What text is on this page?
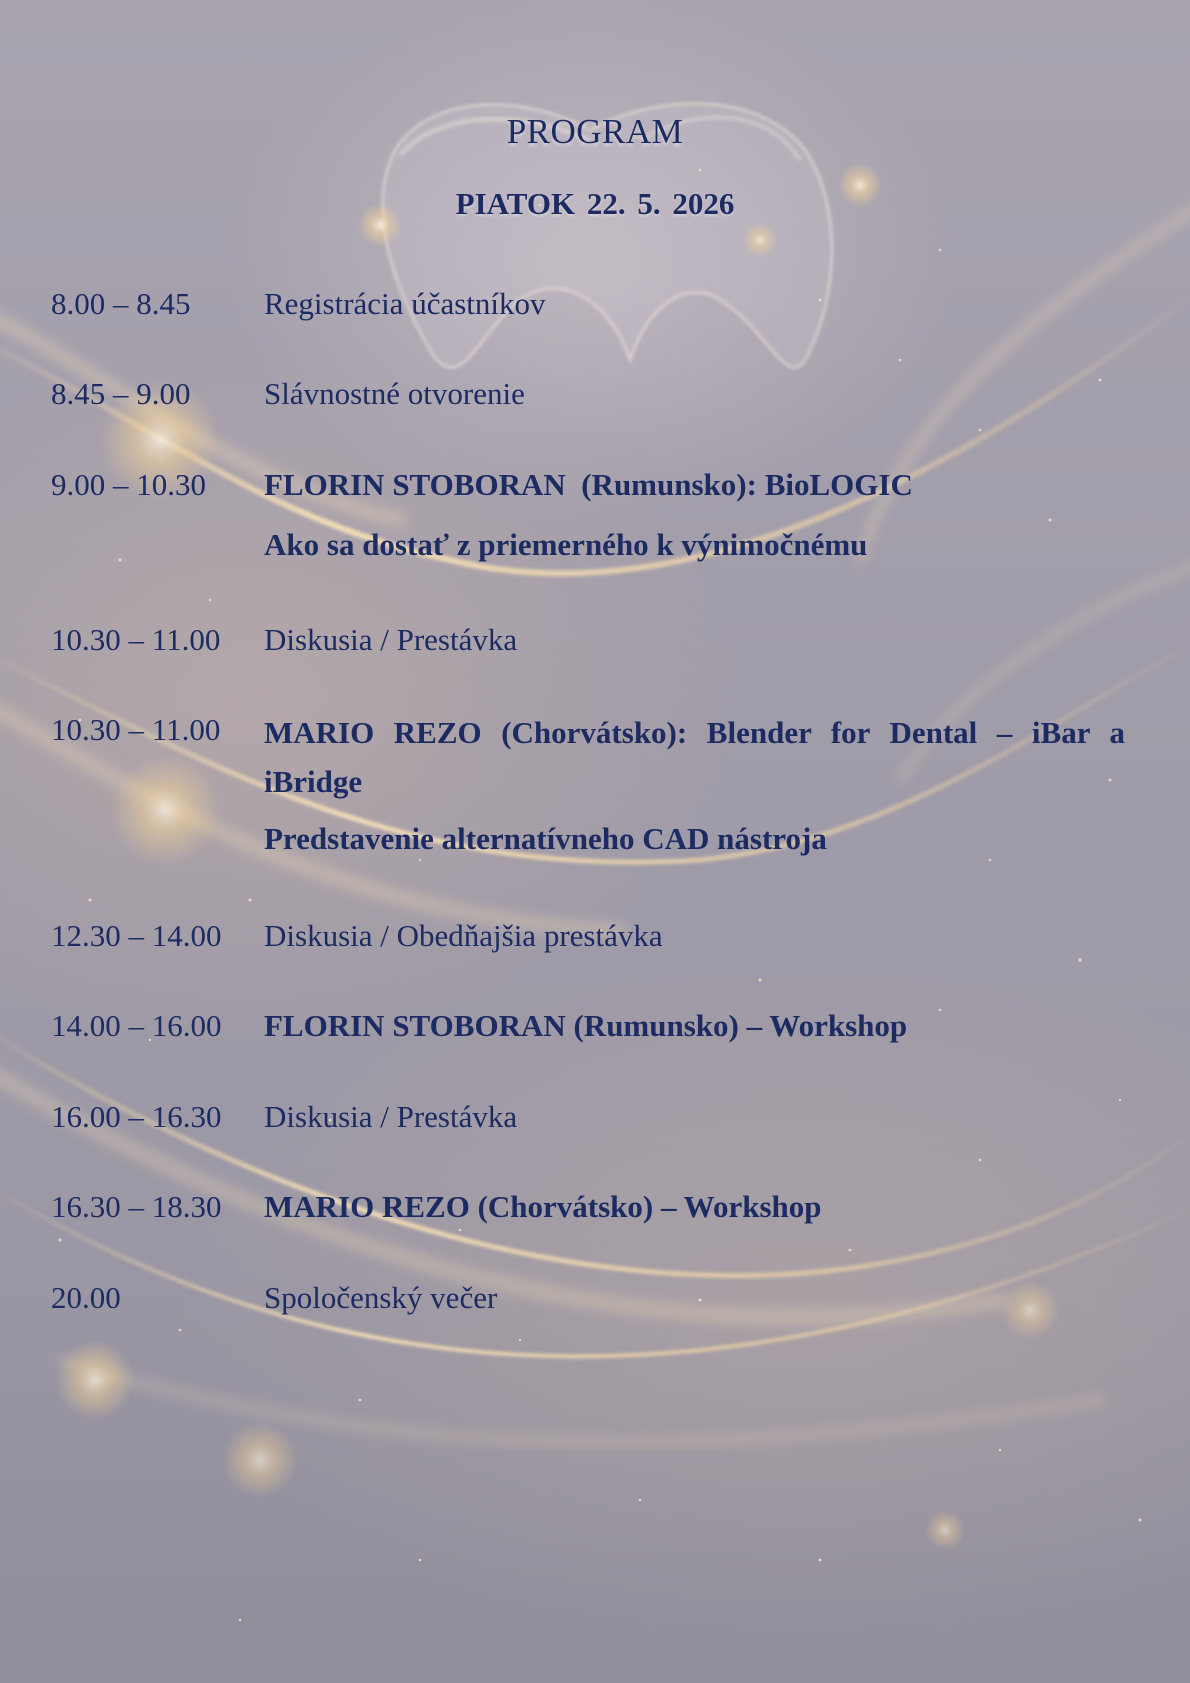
PROGRAM
PIATOK 22. 5. 2026
8.00 – 8.45	Registrácia účastníkov
8.45 – 9.00	Slávnostné otvorenie
9.00 – 10.30	FLORIN STOBORAN  (Rumunsko): BioLOGIC
Ako sa dostať z priemerného k výnimočnému
10.30 – 11.00	Diskusia / Prestávka
10.30 – 11.00	MARIO REZO (Chorvátsko): Blender for Dental – iBar a iBridge
Predstavenie alternatívneho CAD nástroja
12.30 – 14.00	Diskusia / Obedňajšia prestávka
14.00 – 16.00	FLORIN STOBORAN (Rumunsko) – Workshop
16.00 – 16.30	Diskusia / Prestávka
16.30 – 18.30	MARIO REZO (Chorvátsko) – Workshop
20.00	Spoločenský večer
